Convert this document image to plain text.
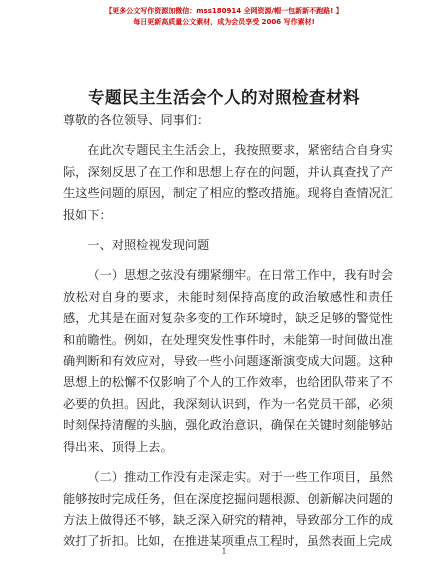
【更多公文写作资源加微信：mss180914 全网资源/帽一包新新不跑路! 】
每日更新高质量公文素材，成为会员享受 2006 写作素材!
专题民主生活会个人的对照检查材料

尊敬的各位领导、同事们：

在此次专题民主生活会上，我按照要求，紧密结合自身实际，深刻反思了在工作和思想上存在的问题，并认真查找了产生这些问题的原因，制定了相应的整改措施。现将自查情况汇报如下：

一、对照检视发现问题

（一）思想之弦没有绷紧绷牢。在日常工作中，我有时会放松对自身的要求，未能时刻保持高度的政治敏感性和责任感，尤其是在面对复杂多变的工作环境时，缺乏足够的警觉性和前瞻性。例如，在处理突发性事件时，未能第一时间做出准确判断和有效应对，导致一些小问题逐渐演变成大问题。这种思想上的松懈不仅影响了个人的工作效率，也给团队带来了不必要的负担。因此，我深刻认识到，作为一名党员干部，必须时刻保持清醒的头脑，强化政治意识，确保在关键时刻能够站得出来、顶得上去。

（二）推动工作没有走深走实。对于一些工作项目，虽然能够按时完成任务，但在深度挖掘问题根源、创新解决问题的方法上做得还不够，缺乏深入研究的精神，导致部分工作的成效打了折扣。比如，在推进某项重点工程时，虽然表面上完成

1
